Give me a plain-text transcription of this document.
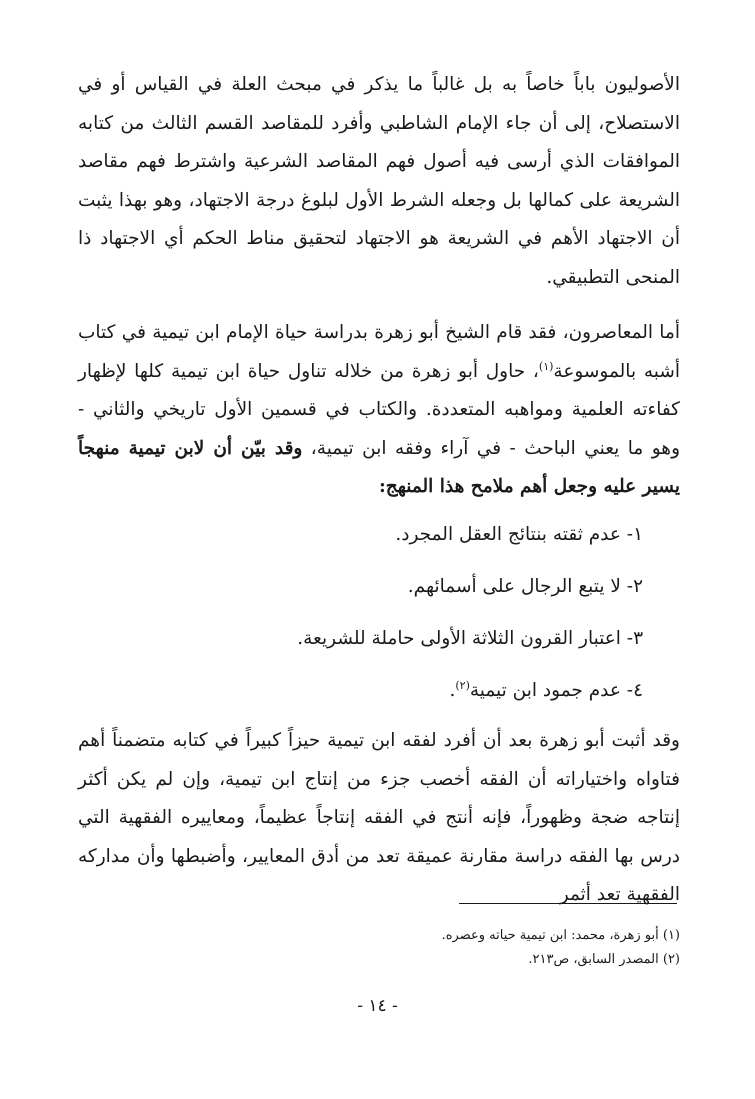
الأصوليون باباً خاصاً به بل غالباً ما يذكر في مبحث العلة في القياس أو في الاستصلاح، إلى أن جاء الإمام الشاطبي وأفرد للمقاصد القسم الثالث من كتابه الموافقات الذي أرسى فيه أصول فهم المقاصد الشرعية واشترط فهم مقاصد الشريعة على كمالها بل وجعله الشرط الأول لبلوغ درجة الاجتهاد، وهو بهذا يثبت أن الاجتهاد الأهم في الشريعة هو الاجتهاد لتحقيق مناط الحكم أي الاجتهاد ذا المنحى التطبيقي.

أما المعاصرون، فقد قام الشيخ أبو زهرة بدراسة حياة الإمام ابن تيمية في كتاب أشبه بالموسوعة$^{(١)}$، حاول أبو زهرة من خلاله تناول حياة ابن تيمية كلها لإظهار كفاءته العلمية ومواهبه المتعددة. والكتاب في قسمين الأول تاريخي والثاني - وهو ما يعني الباحث - في آراء وفقه ابن تيمية، وقد بيّن أن لابن تيمية منهجاً يسير عليه وجعل أهم ملامح هذا المنهج:

١- عدم ثقته بنتائج العقل المجرد.
٢- لا يتبع الرجال على أسمائهم.
٣- اعتبار القرون الثلاثة الأولى حاملة للشريعة.
٤- عدم جمود ابن تيمية$^{(٢)}$.

وقد أثبت أبو زهرة بعد أن أفرد لفقه ابن تيمية حيزاً كبيراً في كتابه متضمناً أهم فتاواه واختياراته أن الفقه أخصب جزء من إنتاج ابن تيمية، وإن لم يكن أكثر إنتاجه ضجة وظهوراً، فإنه أنتج في الفقه إنتاجاً عظيماً، ومعاييره الفقهية التي درس بها الفقه دراسة مقارنة عميقة تعد من أدق المعايير، وأضبطها وأن مداركه الفقهية تعد أثمر

(١) أبو زهرة، محمد: ابن تيمية حياته وعصره.
(٢) المصدر السابق، ص٢١٣.
- ١٤ -
